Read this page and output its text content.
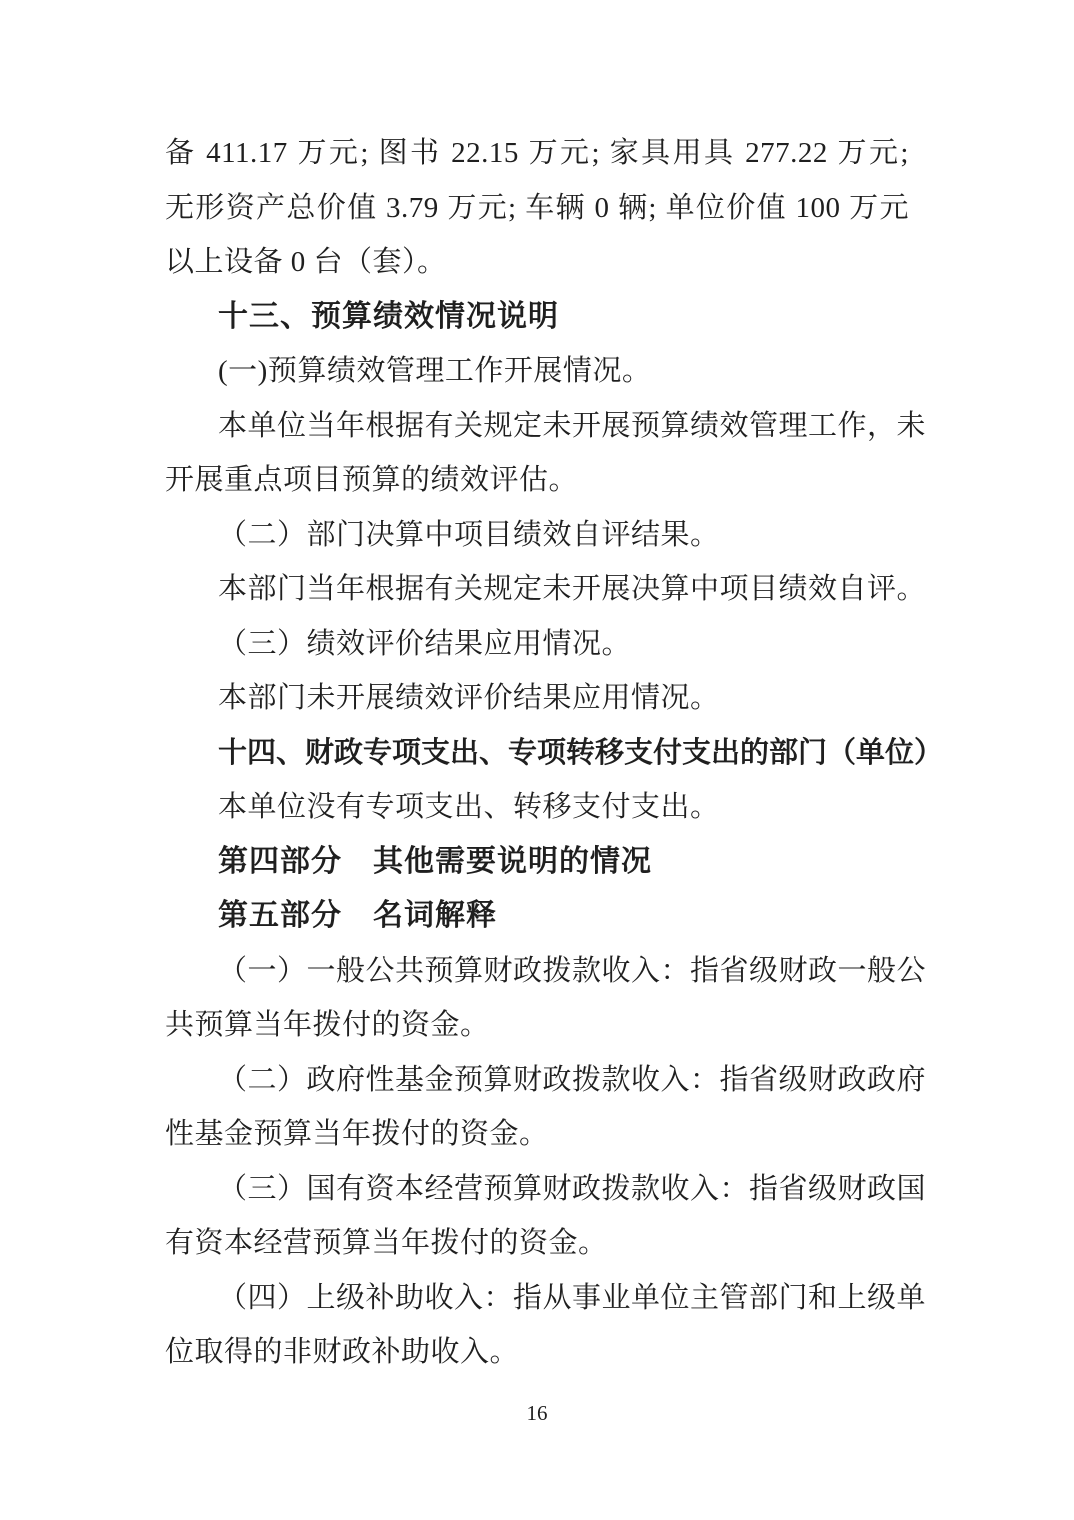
备 411.17 万元; 图书 22.15 万元; 家具用具 277.22 万元;
无形资产总价值 3.79 万元; 车辆 0 辆; 单位价值 100 万元
以上设备 0 台（套）。
十三、预算绩效情况说明
(一)预算绩效管理工作开展情况。
本单位当年根据有关规定未开展预算绩效管理工作，未
开展重点项目预算的绩效评估。
（二）部门决算中项目绩效自评结果。
本部门当年根据有关规定未开展决算中项目绩效自评。
（三）绩效评价结果应用情况。
本部门未开展绩效评价结果应用情况。
十四、财政专项支出、专项转移支付支出的部门（单位）
本单位没有专项支出、转移支付支出。
第四部分　其他需要说明的情况
第五部分　名词解释
（一）一般公共预算财政拨款收入：指省级财政一般公
共预算当年拨付的资金。
（二）政府性基金预算财政拨款收入：指省级财政政府
性基金预算当年拨付的资金。
（三）国有资本经营预算财政拨款收入：指省级财政国
有资本经营预算当年拨付的资金。
（四）上级补助收入：指从事业单位主管部门和上级单
位取得的非财政补助收入。
16
